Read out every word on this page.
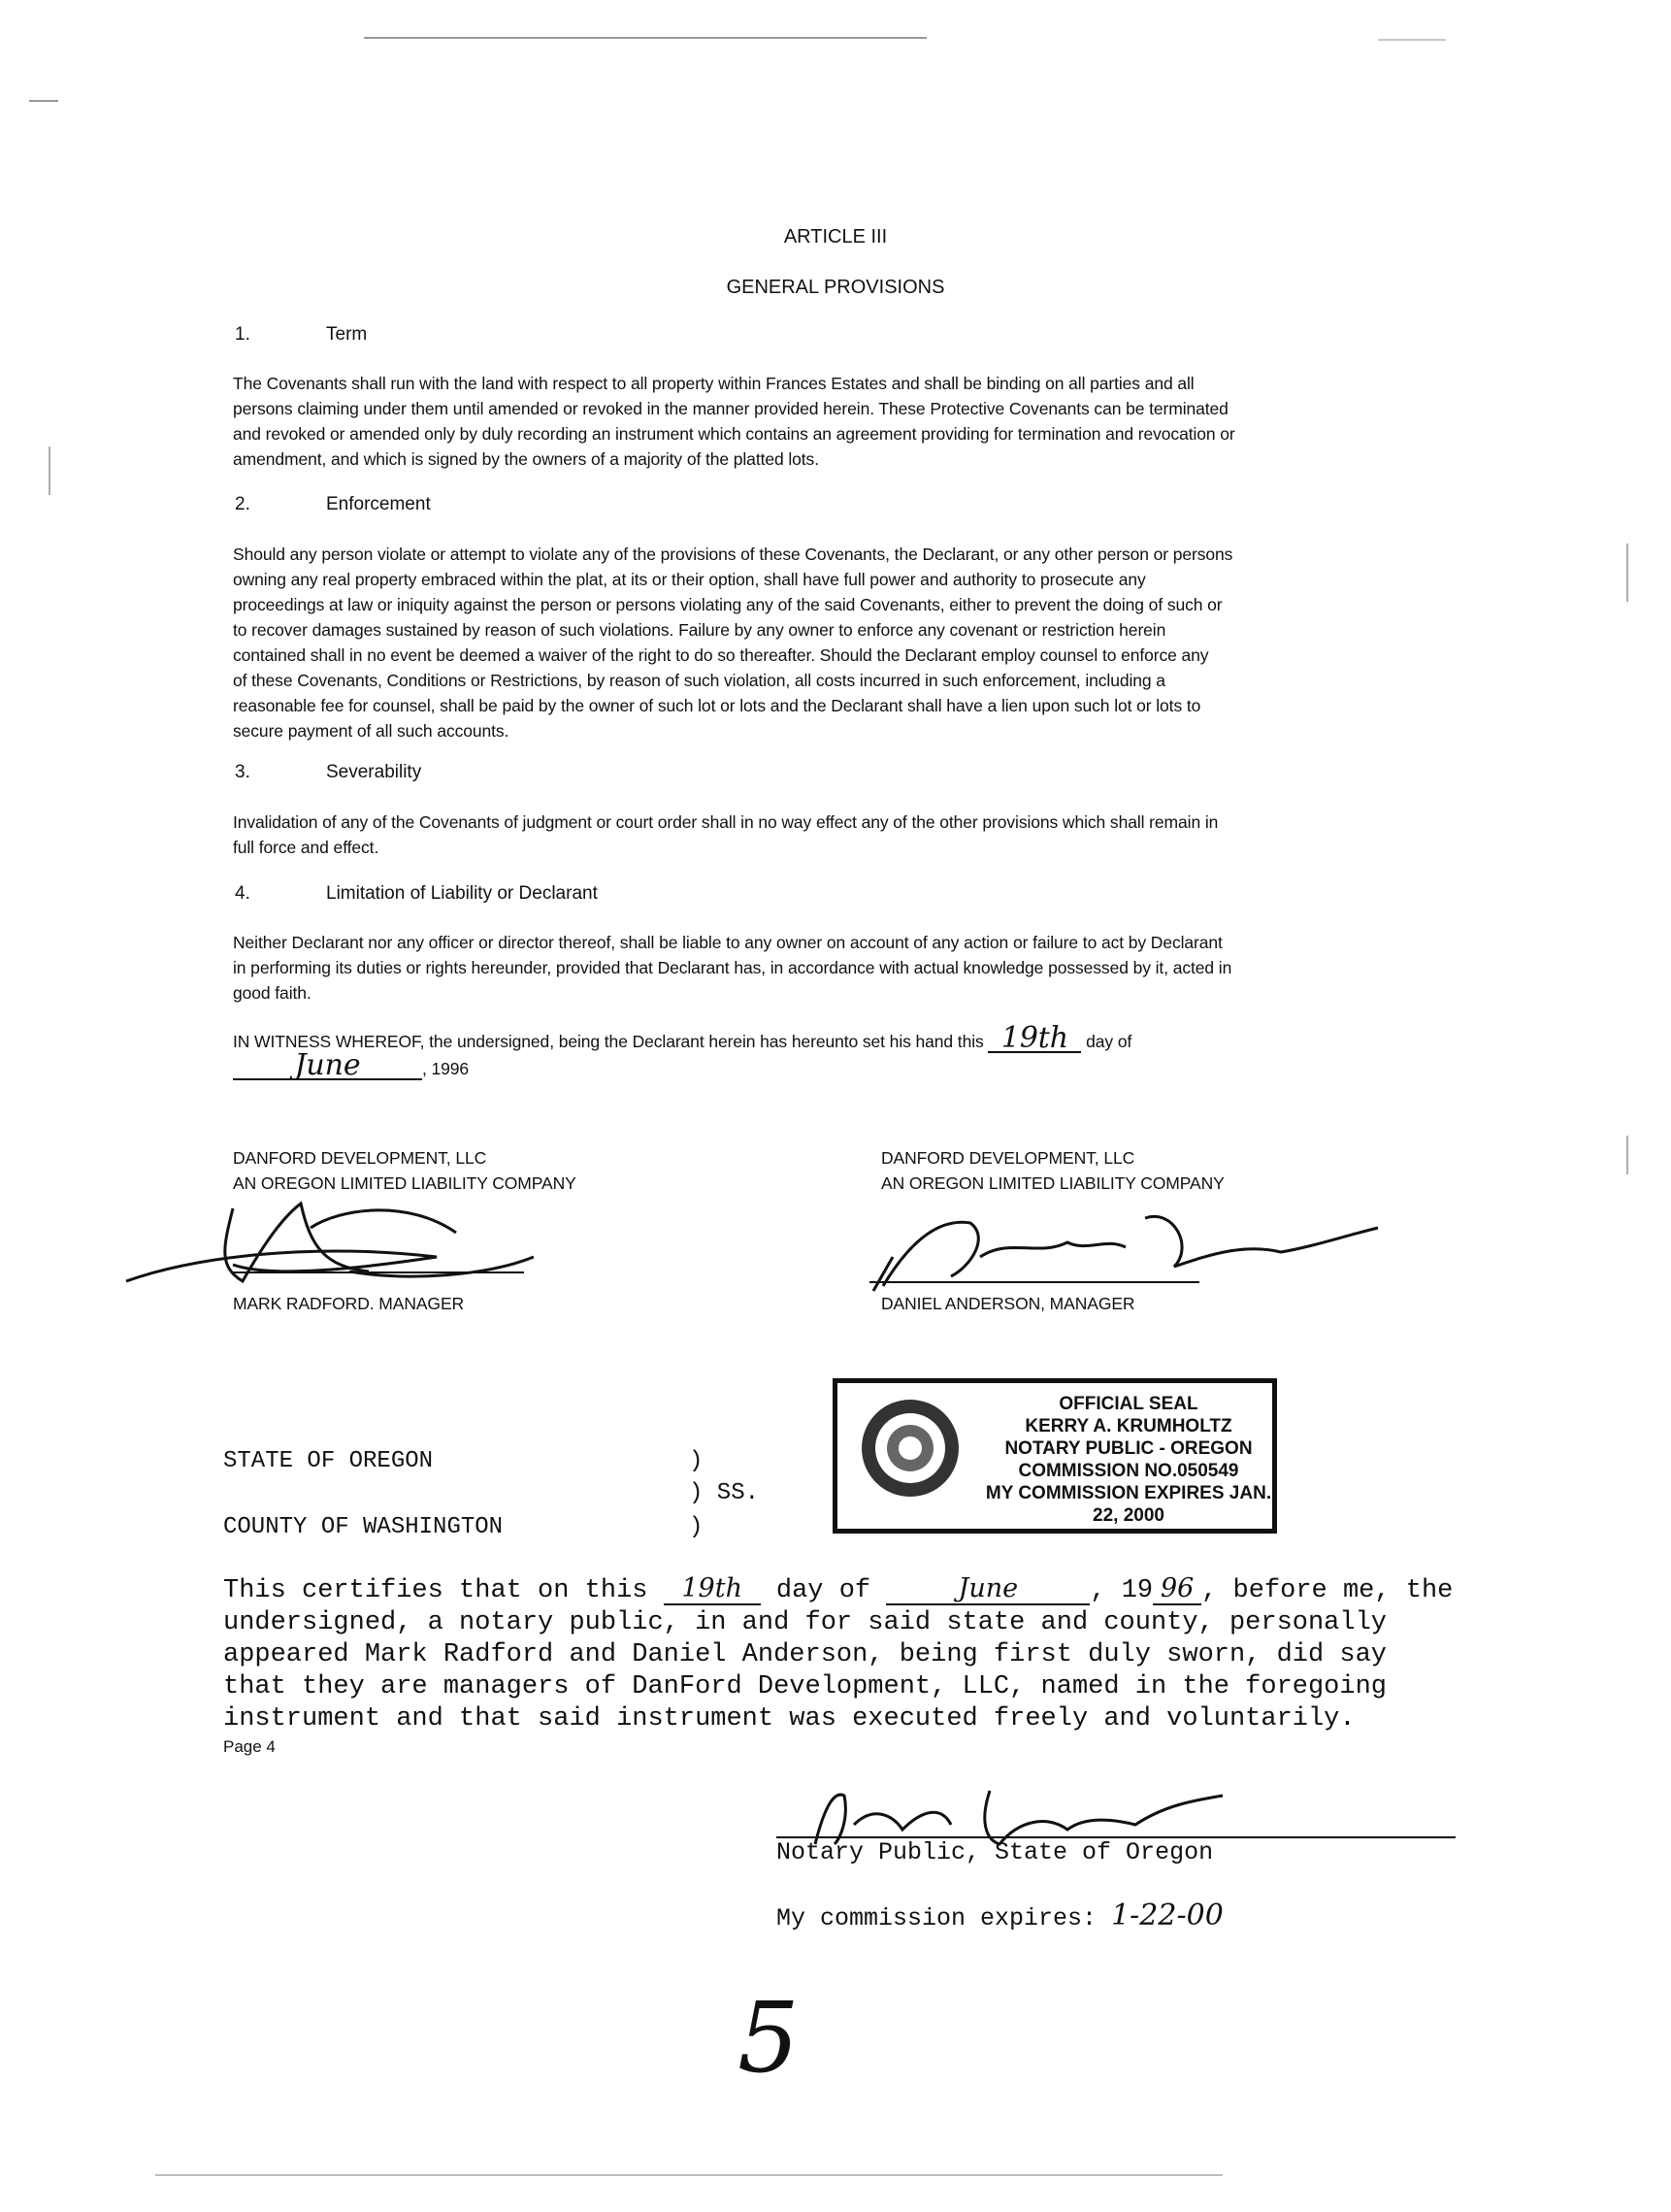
ARTICLE III
GENERAL PROVISIONS
1.	Term
The Covenants shall run with the land with respect to all property within Frances Estates and shall be binding on all parties and all
persons claiming under them until amended or revoked in the manner provided herein. These Protective Covenants can be terminated
and revoked or amended only by duly recording an instrument which contains an agreement providing for termination and revocation or
amendment, and which is signed by the owners of a majority of the platted lots.
2.	Enforcement
Should any person violate or attempt to violate any of the provisions of these Covenants, the Declarant, or any other person or persons
owning any real property embraced within the plat, at its or their option, shall have full power and authority to prosecute any
proceedings at law or iniquity against the person or persons violating any of the said Covenants, either to prevent the doing of such or
to recover damages sustained by reason of such violations. Failure by any owner to enforce any covenant or restriction herein
contained shall in no event be deemed a waiver of the right to do so thereafter. Should the Declarant employ counsel to enforce any
of these Covenants, Conditions or Restrictions, by reason of such violation, all costs incurred in such enforcement, including a
reasonable fee for counsel, shall be paid by the owner of such lot or lots and the Declarant shall have a lien upon such lot or lots to
secure payment of all such accounts.
3.	Severability
Invalidation of any of the Covenants of judgment or court order shall in no way effect any of the other provisions which shall remain in
full force and effect.
4.	Limitation of Liability or Declarant
Neither Declarant nor any officer or director thereof, shall be liable to any owner on account of any action or failure to act by Declarant
in performing its duties or rights hereunder, provided that Declarant has, in accordance with actual knowledge possessed by it, acted in
good faith.
IN WITNESS WHEREOF, the undersigned, being the Declarant herein has hereunto set his hand this 19th day of
June	, 1996
DANFORD DEVELOPMENT, LLC
AN OREGON LIMITED LIABILITY COMPANY
MARK RADFORD. MANAGER
DANFORD DEVELOPMENT, LLC
AN OREGON LIMITED LIABILITY COMPANY
DANIEL ANDERSON, MANAGER
OFFICIAL SEAL
KERRY A. KRUMHOLTZ
NOTARY PUBLIC - OREGON
COMMISSION NO.050549
MY COMMISSION EXPIRES JAN. 22, 2000
STATE OF OREGON	)
) SS.
COUNTY OF WASHINGTON	)
This certifies that on this 19th day of	June	, 19 96 , before me, the
undersigned, a notary public, in and for said state and county, personally
appeared Mark Radford and Daniel Anderson, being first duly sworn, did say
that they are managers of DanFord Development, LLC, named in the foregoing
instrument and that said instrument was executed freely and voluntarily.
Page 4
Notary Public, State of Oregon
My commission expires: 1-22-00
5
